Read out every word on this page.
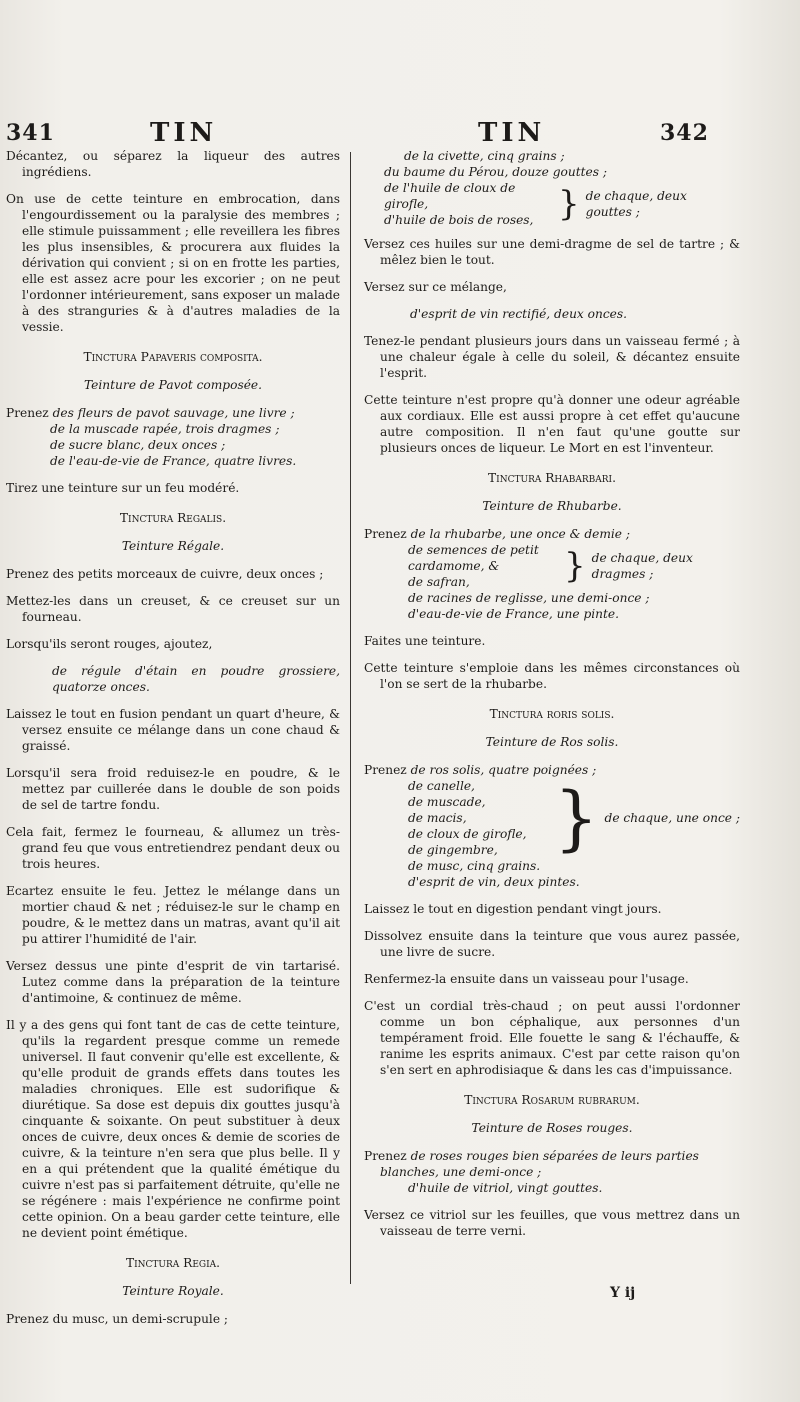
341	TIN	TIN	342

Décantez, ou séparez la liqueur des autres ingrédiens.

On use de cette teinture en embrocation, dans l'engourdissement ou la paralysie des membres ; elle stimule puissamment ; elle reveillera les fibres les plus insensibles, & procurera aux fluides la dérivation qui convient ; si on en frotte les parties, elle est assez acre pour les excorier ; on ne peut l'ordonner intérieurement, sans exposer un malade à des stranguries & à d'autres maladies de la vessie.

Tinctura Papaveris composita.
Teinture de Pavot composée.
Prenez des fleurs de pavot sauvage, une livre ;
de la muscade rapée, trois dragmes ;
de sucre blanc, deux onces ;
de l'eau-de-vie de France, quatre livres.

Tirez une teinture sur un feu modéré.

Tinctura Regalis.
Teinture Régale.

Prenez des petits morceaux de cuivre, deux onces ;

Mettez-les dans un creuset, & ce creuset sur un fourneau.

Lorsqu'ils seront rouges, ajoutez,

de régule d'étain en poudre grossiere, quatorze onces.

Laissez le tout en fusion pendant un quart d'heure, & versez ensuite ce mélange dans un cone chaud & graissé.

Lorsqu'il sera froid reduisez-le en poudre, & le mettez par cuillerée dans le double de son poids de sel de tartre fondu.

Cela fait, fermez le fourneau, & allumez un très-grand feu que vous entretiendrez pendant deux ou trois heures.

Ecartez ensuite le feu. Jettez le mélange dans un mortier chaud & net ; réduisez-le sur le champ en poudre, & le mettez dans un matras, avant qu'il ait pu attirer l'humidité de l'air.

Versez dessus une pinte d'esprit de vin tartarisé. Lutez comme dans la préparation de la teinture d'antimoine, & continuez de même.

Il y a des gens qui font tant de cas de cette teinture, qu'ils la regardent presque comme un remede universel. Il faut convenir qu'elle est excellente, & qu'elle produit de grands effets dans toutes les maladies chroniques. Elle est sudorifique & diurétique. Sa dose est depuis dix gouttes jusqu'à cinquante & soixante. On peut substituer à deux onces de cuivre, deux onces & demie de scories de cuivre, & la teinture n'en sera que plus belle. Il y en a qui prétendent que la qualité émétique du cuivre n'est pas si parfaitement détruite, qu'elle ne se régénere : mais l'expérience ne confirme point cette opinion. On a beau garder cette teinture, elle ne devient point émétique.

Tinctura Regia.
Teinture Royale.

Prenez du musc, un demi-scrupule ;

de la civette, cinq grains ;
du baume du Pérou, douze gouttes ;
de l'huile de cloux de girofle,
d'huile de bois de roses, } de chaque, deux gouttes ;

Versez ces huiles sur une demi-dragme de sel de tartre ; & mêlez bien le tout.

Versez sur ce mélange,

d'esprit de vin rectifié, deux onces.

Tenez-le pendant plusieurs jours dans un vaisseau fermé ; à une chaleur égale à celle du soleil, & décantez ensuite l'esprit.

Cette teinture n'est propre qu'à donner une odeur agréable aux cordiaux. Elle est aussi propre à cet effet qu'aucune autre composition. Il n'en faut qu'une goutte sur plusieurs onces de liqueur. Le Mort en est l'inventeur.

Tinctura Rhabarbari.
Teinture de Rhubarbe.
Prenez de la rhubarbe, une once & demie ;
de semences de petit cardamome, &
de safran,	} de chaque, deux dragmes ;
de racines de reglisse, une demi-once ;
d'eau-de-vie de France, une pinte.

Faites une teinture.

Cette teinture s'emploie dans les mêmes circonstances où l'on se sert de la rhubarbe.

Tinctura roris solis.
Teinture de Ros solis.
Prenez de ros solis, quatre poignées ;
de canelle,
de muscade,
de macis,
de cloux de girofle,
de gingembre, } de chaque, une once ;
de musc, cinq grains.
d'esprit de vin, deux pintes.

Laissez le tout en digestion pendant vingt jours.

Dissolvez ensuite dans la teinture que vous aurez passée, une livre de sucre.

Renfermez-la ensuite dans un vaisseau pour l'usage.

C'est un cordial très-chaud ; on peut aussi l'ordonner comme un bon céphalique, aux personnes d'un tempérament froid. Elle fouette le sang & l'échauffe, & ranime les esprits animaux. C'est par cette raison qu'on s'en sert en aphrodisiaque & dans les cas d'impuissance.

Tinctura Rosarum rubrarum.
Teinture de Roses rouges.
Prenez de roses rouges bien séparées de leurs parties blanches, une demi-once ;
d'huile de vitriol, vingt gouttes.

Versez ce vitriol sur les feuilles, que vous mettrez dans un vaisseau de terre verni.

Y ij
